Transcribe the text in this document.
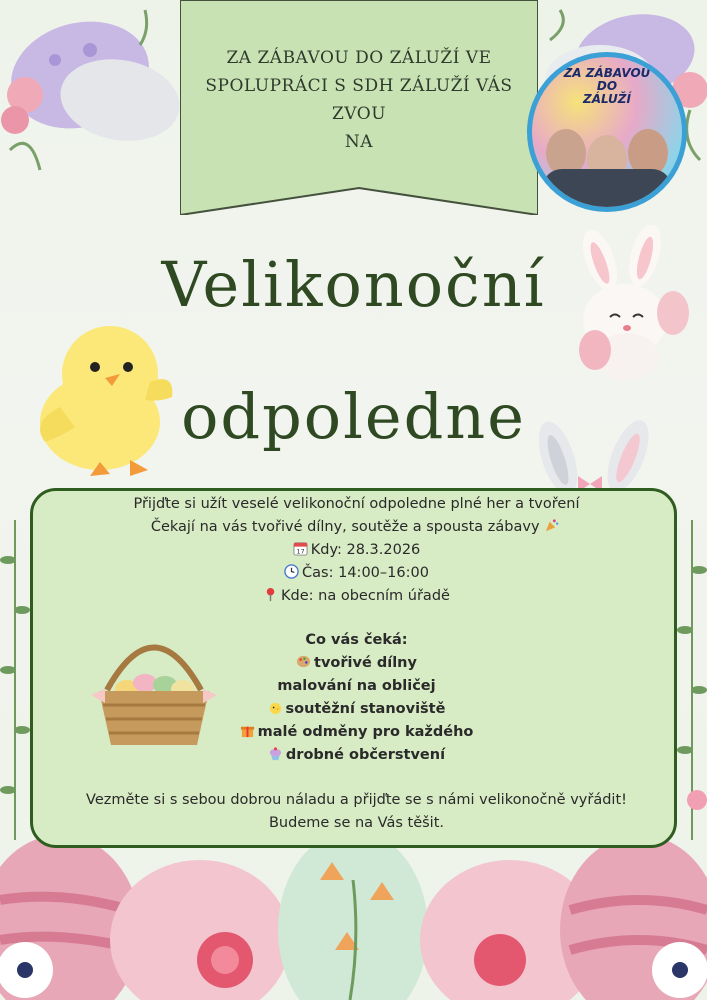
ZA ZÁBAVOU DO ZÁLUŽÍ VE
SPOLUPRÁCI S SDH ZÁLUŽÍ VÁS ZVOU
NA
ZA ZÁBAVOU
DO
ZÁLUŽÍ
Velikonoční
odpoledne
Přijďte si užít veselé velikonoční odpoledne plné her a tvoření
Čekají na vás tvořivé dílny, soutěže a spousta zábavy
17 Kdy: 28.3.2026
Čas: 14:00–16:00
Kde: na obecním úřadě
Co vás čeká:
tvořivé dílny
malování na obličej
soutěžní stanoviště
malé odměny pro každého
drobné občerstvení
Vezměte si s sebou dobrou náladu a přijďte se s námi velikonočně vyřádit!
Budeme se na Vás těšit.
